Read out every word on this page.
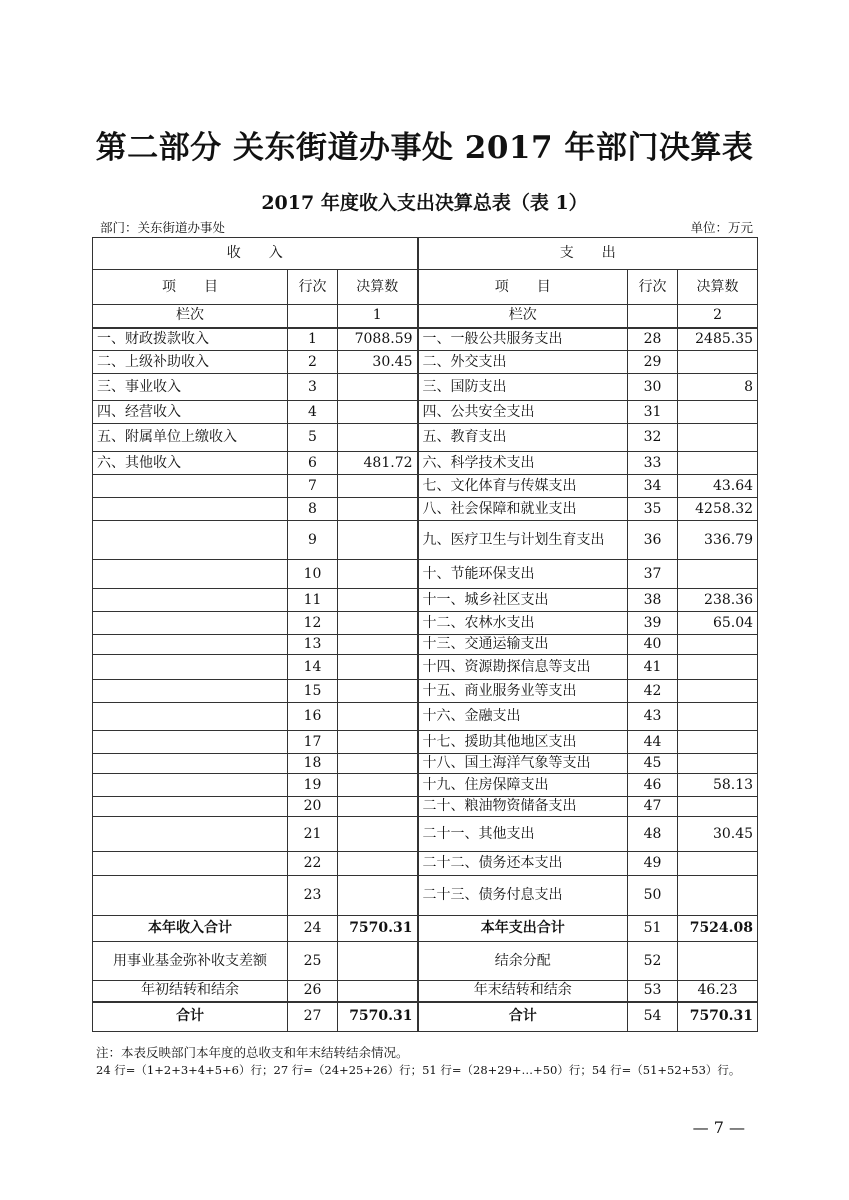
第二部分 关东街道办事处 2017 年部门决算表
2017 年度收入支出决算总表（表 1）
部门：关东街道办事处	单位：万元
收　　入			支　　出		
项　　目	行次	决算数	项　　目	行次	决算数
栏次		1	栏次		2
一、财政拨款收入	1	7088.59	一、一般公共服务支出	28	2485.35
二、上级补助收入	2	30.45	二、外交支出	29	
三、事业收入	3		三、国防支出	30	8
四、经营收入	4		四、公共安全支出	31	
五、附属单位上缴收入	5		五、教育支出	32	
六、其他收入	6	481.72	六、科学技术支出	33	
	7		七、文化体育与传媒支出	34	43.64
	8		八、社会保障和就业支出	35	4258.32
	9		九、医疗卫生与计划生育支出	36	336.79
	10		十、节能环保支出	37	
	11		十一、城乡社区支出	38	238.36
	12		十二、农林水支出	39	65.04
	13		十三、交通运输支出	40	
	14		十四、资源勘探信息等支出	41	
	15		十五、商业服务业等支出	42	
	16		十六、金融支出	43	
	17		十七、援助其他地区支出	44	
	18		十八、国土海洋气象等支出	45	
	19		十九、住房保障支出	46	58.13
	20		二十、粮油物资储备支出	47	
	21		二十一、其他支出	48	30.45
	22		二十二、债务还本支出	49	
	23		二十三、债务付息支出	50	
本年收入合计	24	7570.31	本年支出合计	51	7524.08
用事业基金弥补收支差额	25		结余分配	52	
年初结转和结余	26		年末结转和结余	53	46.23
合计	27	7570.31	合计	54	7570.31
注：本表反映部门本年度的总收支和年末结转结余情况。
24 行=（1+2+3+4+5+6）行；27 行=（24+25+26）行；51 行=（28+29+…+50）行；54 行=（51+52+53）行。
— 7 —
